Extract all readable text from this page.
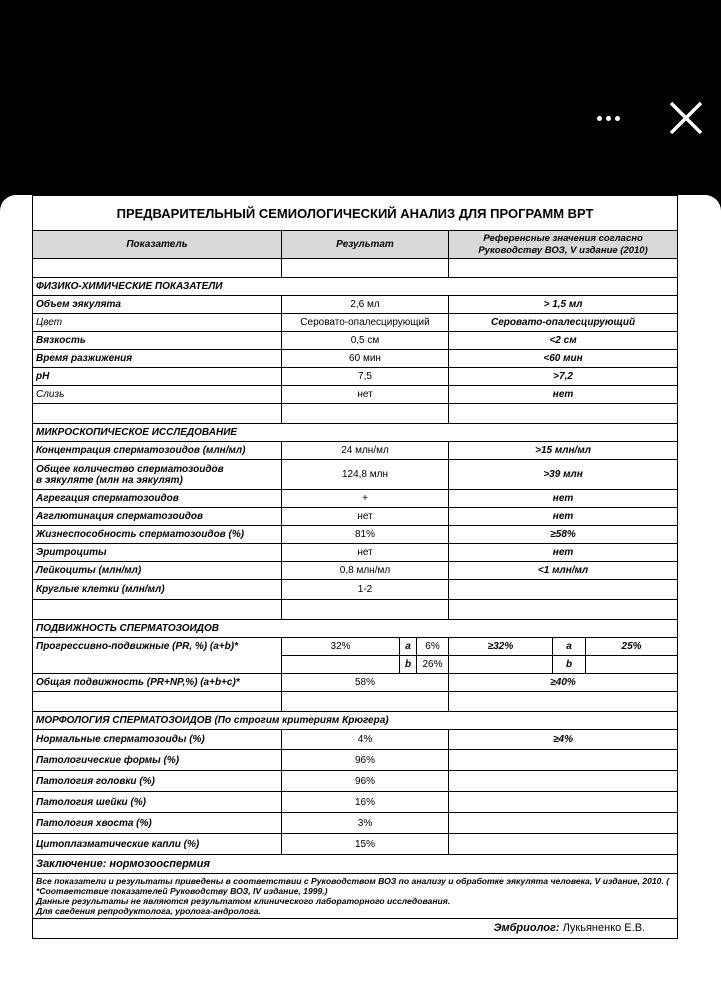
ПРЕДВАРИТЕЛЬНЫЙ СЕМИОЛОГИЧЕСКИЙ АНАЛИЗ ДЛЯ ПРОГРАММ ВРТ						
Показатель	Результат			Референсные значения согласно
Руководству ВОЗ, V издание (2010)		

ФИЗИКО-ХИМИЧЕСКИЕ ПОКАЗАТЕЛИ						
Объем эякулята	2,6 мл			> 1,5 мл		
Цвет	Серовато-опалесцирующий			Серовато-опалесцирующий		
Вязкость	0,5 см			<2 см		
Время разжижения	60 мин			<60 мин		
pH	7,5			>7,2		
Слизь	нет			нет		

МИКРОСКОПИЧЕСКОЕ ИССЛЕДОВАНИЕ						
Концентрация сперматозоидов (млн/мл)	24 млн/мл			>15 млн/мл		
Общее количество сперматозоидов
в эякуляте (млн на эякулят)	124,8 млн			>39 млн		
Агрегация сперматозоидов	+			нет		
Агглютинация сперматозоидов	нет			нет		
Жизнеспособность сперматозоидов (%)	81%			≥58%		
Эритроциты	нет			нет		
Лейкоциты (млн/мл)	0,8 млн/мл			<1 млн/мл		
Круглые клетки (млн/мл)	1-2					

ПОДВИЖНОСТЬ СПЕРМАТОЗОИДОВ						
Прогрессивно-подвижные (PR, %) (a+b)*	32%	a	6%	≥32%	a	25%
		b	26%		b	
Общая подвижность (PR+NP,%) (a+b+c)*	58%			≥40%		

МОРФОЛОГИЯ СПЕРМАТОЗОИДОВ (По строгим критериям Крюгера)						
Нормальные сперматозоиды (%)	4%			≥4%		
Патологические формы (%)	96%					
Патология головки (%)	96%					
Патология шейки (%)	16%					
Патология хвоста (%)	3%					
Цитоплазматические капли (%)	15%					
Заключение: нормозооспермия						
Все показатели и результаты приведены в соответствии с Руководством ВОЗ по анализу и обработке эякулята человека, V издание, 2010. ( *Соответствие показателей Руководству ВОЗ, IV издание, 1999.)
Данные результаты не являются результатом клинического лабораторного исследования.
Для сведения репродуктолога, уролога-андролога.						
Эмбриолог: Лукьяненко Е.В.						
